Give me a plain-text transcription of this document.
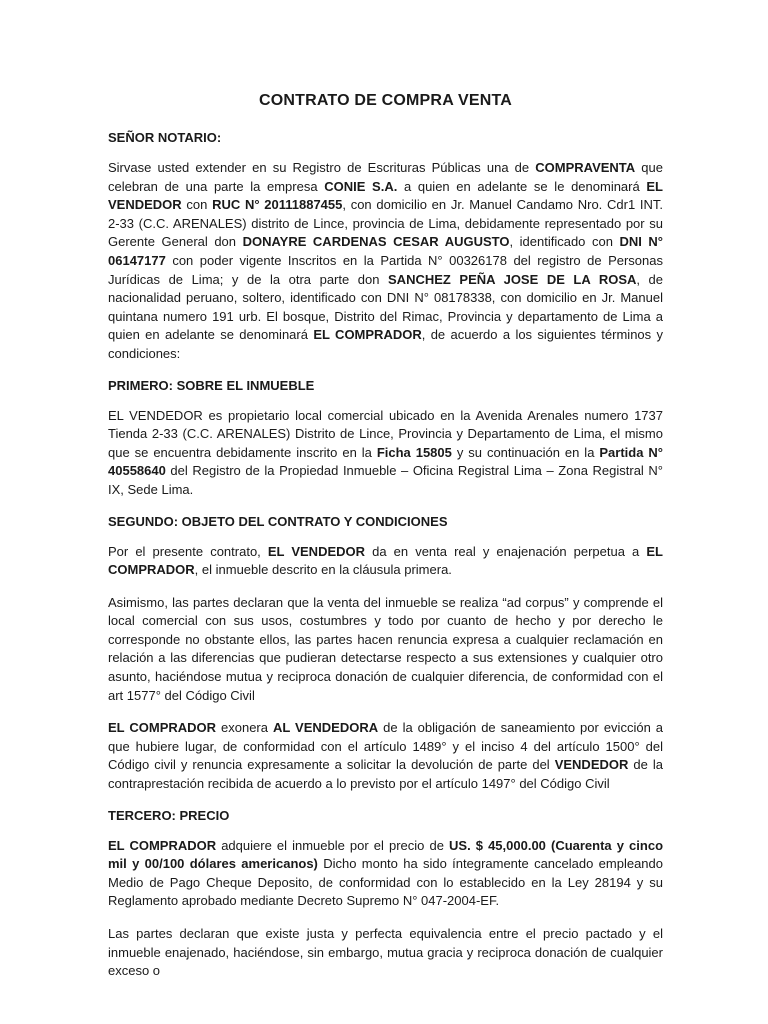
CONTRATO DE COMPRA VENTA
SEÑOR NOTARIO:
Sirvase usted extender en su Registro de Escrituras Públicas una de COMPRAVENTA que celebran de una parte la empresa CONIE S.A. a quien en adelante se le denominará EL VENDEDOR con RUC N° 20111887455, con domicilio en Jr. Manuel Candamo Nro. Cdr1 INT. 2-33 (C.C. ARENALES) distrito de Lince, provincia de Lima, debidamente representado por su Gerente General don DONAYRE CARDENAS CESAR AUGUSTO, identificado con DNI N° 06147177 con poder vigente Inscritos en la Partida N° 00326178 del registro de Personas Jurídicas de Lima; y de la otra parte don SANCHEZ PEÑA JOSE DE LA ROSA, de nacionalidad peruano, soltero, identificado con DNI N° 08178338, con domicilio en Jr. Manuel quintana numero 191 urb. El bosque, Distrito del Rimac, Provincia y departamento de Lima a quien en adelante se denominará EL COMPRADOR, de acuerdo a los siguientes términos y condiciones:
PRIMERO: SOBRE EL INMUEBLE
EL VENDEDOR es propietario local comercial ubicado en la Avenida Arenales numero 1737 Tienda 2-33 (C.C. ARENALES) Distrito de Lince, Provincia y Departamento de Lima, el mismo que se encuentra debidamente inscrito en la Ficha 15805 y su continuación en la Partida N° 40558640 del Registro de la Propiedad Inmueble – Oficina Registral Lima – Zona Registral N° IX, Sede Lima.
SEGUNDO: OBJETO DEL CONTRATO Y CONDICIONES
Por el presente contrato, EL VENDEDOR da en venta real y enajenación perpetua a EL COMPRADOR, el inmueble descrito en la cláusula primera.
Asimismo, las partes declaran que la venta del inmueble se realiza “ad corpus” y comprende el local comercial con sus usos, costumbres y todo por cuanto de hecho y por derecho le corresponde no obstante ellos, las partes hacen renuncia expresa a cualquier reclamación en relación a las diferencias que pudieran detectarse respecto a sus extensiones y cualquier otro asunto, haciéndose mutua y reciproca donación de cualquier diferencia, de conformidad con el art 1577° del Código Civil
EL COMPRADOR exonera AL VENDEDORA de la obligación de saneamiento por evicción a que hubiere lugar, de conformidad con el artículo 1489° y el inciso 4 del artículo 1500° del Código civil y renuncia expresamente a solicitar la devolución de parte del VENDEDOR de la contraprestación recibida de acuerdo a lo previsto por el artículo 1497° del Código Civil
TERCERO: PRECIO
EL COMPRADOR adquiere el inmueble por el precio de US. $ 45,000.00 (Cuarenta y cinco mil y 00/100 dólares americanos) Dicho monto ha sido íntegramente cancelado empleando Medio de Pago Cheque Deposito, de conformidad con lo establecido en la Ley 28194 y su Reglamento aprobado mediante Decreto Supremo N° 047-2004-EF.
Las partes declaran que existe justa y perfecta equivalencia entre el precio pactado y el inmueble enajenado, haciéndose, sin embargo, mutua gracia y reciproca donación de cualquier exceso o
